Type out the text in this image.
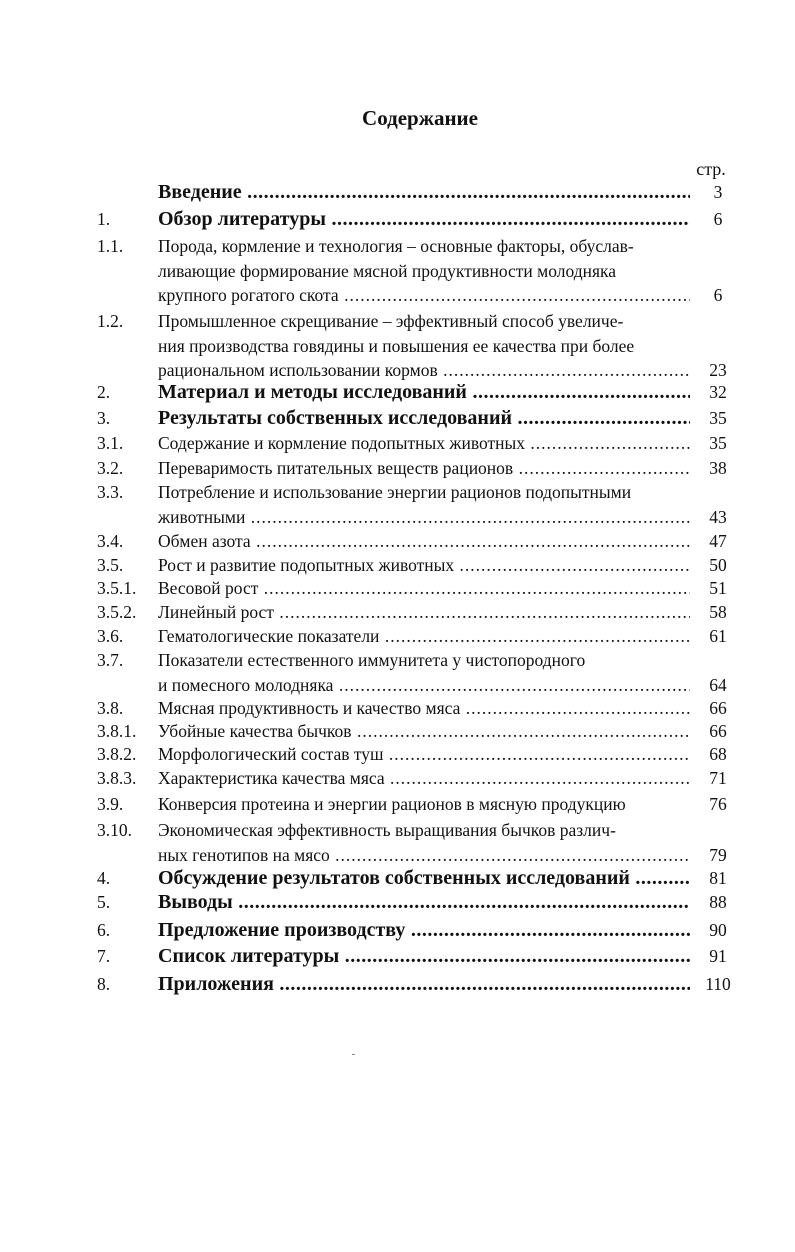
Содержание
стр.
Введение .....	3
1. Обзор литературы .....	6
1.1. Порода, кормление и технология – основные факторы, обуслав-
ливающие формирование мясной продуктивности молодняка
крупного рогатого скота .....	6
1.2. Промышленное скрещивание – эффективный способ увеличе-
ния производства говядины и повышения ее качества при более
рациональном использовании кормов .....	23
2. Материал и методы исследований .....	32
3. Результаты собственных исследований .....	35
3.1. Содержание и кормление подопытных животных .....	35
3.2. Переваримость питательных веществ рационов .....	38
3.3. Потребление и использование энергии рационов подопытными
животными .....	43
3.4. Обмен азота .....	47
3.5. Рост и развитие подопытных животных .....	50
3.5.1. Весовой рост .....	51
3.5.2. Линейный рост .....	58
3.6. Гематологические показатели .....	61
3.7. Показатели естественного иммунитета у чистопородного
и помесного молодняка .....	64
3.8. Мясная продуктивность и качество мяса .....	66
3.8.1. Убойные качества бычков .....	66
3.8.2. Морфологический состав туш .....	68
3.8.3. Характеристика качества мяса .....	71
3.9. Конверсия протеина и энергии рационов в мясную продукцию	76
3.10. Экономическая эффективность выращивания бычков различ-
ных генотипов на мясо .....	79
4. Обсуждение результатов собственных исследований .....	81
5. Выводы .....	88
6. Предложение производству .....	90
7. Список литературы .....	91
8. Приложения .....	110
